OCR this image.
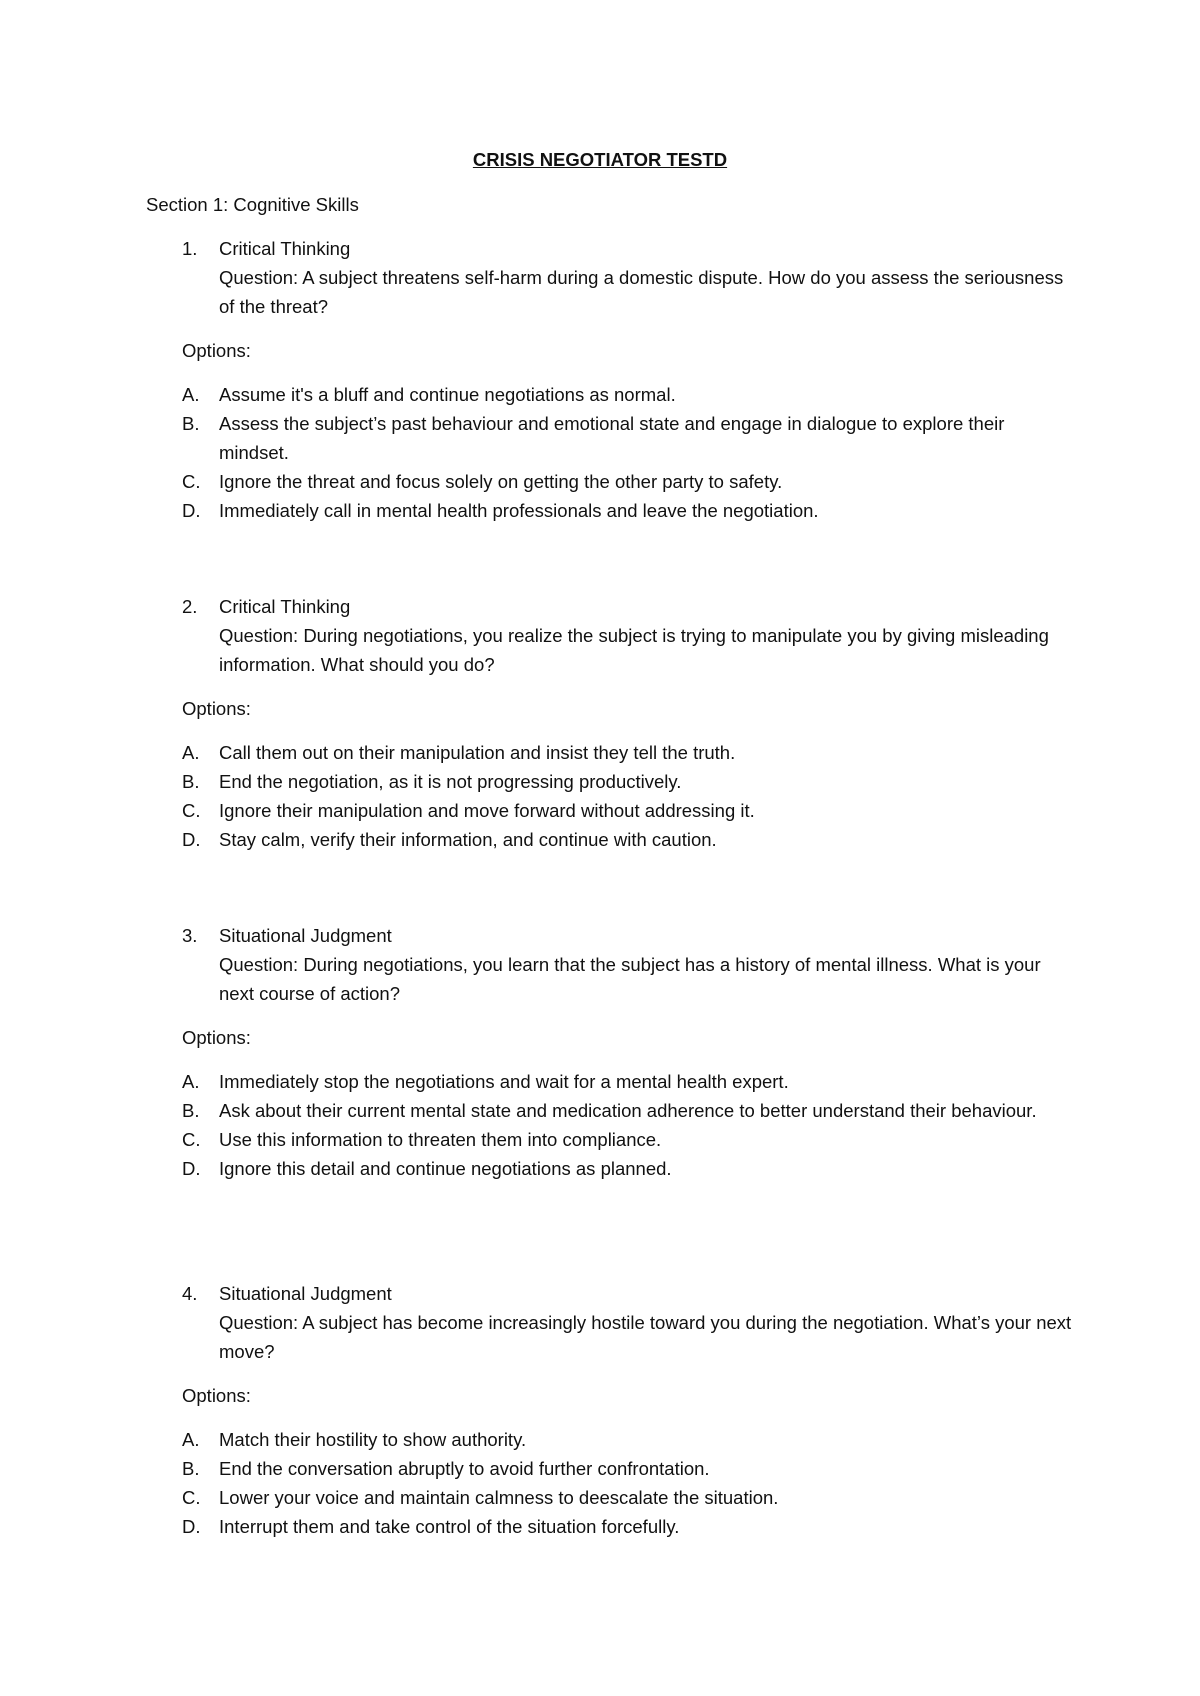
CRISIS NEGOTIATOR TESTD
Section 1: Cognitive Skills
1. Critical Thinking
Question: A subject threatens self-harm during a domestic dispute. How do you assess the seriousness of the threat?
Options:
A. Assume it's a bluff and continue negotiations as normal.
B. Assess the subject’s past behaviour and emotional state and engage in dialogue to explore their mindset.
C. Ignore the threat and focus solely on getting the other party to safety.
D. Immediately call in mental health professionals and leave the negotiation.
2. Critical Thinking
Question: During negotiations, you realize the subject is trying to manipulate you by giving misleading information. What should you do?
Options:
A. Call them out on their manipulation and insist they tell the truth.
B. End the negotiation, as it is not progressing productively.
C. Ignore their manipulation and move forward without addressing it.
D. Stay calm, verify their information, and continue with caution.
3. Situational Judgment
Question: During negotiations, you learn that the subject has a history of mental illness. What is your next course of action?
Options:
A. Immediately stop the negotiations and wait for a mental health expert.
B. Ask about their current mental state and medication adherence to better understand their behaviour.
C. Use this information to threaten them into compliance.
D. Ignore this detail and continue negotiations as planned.
4. Situational Judgment
Question: A subject has become increasingly hostile toward you during the negotiation. What’s your next move?
Options:
A. Match their hostility to show authority.
B. End the conversation abruptly to avoid further confrontation.
C. Lower your voice and maintain calmness to deescalate the situation.
D. Interrupt them and take control of the situation forcefully.
